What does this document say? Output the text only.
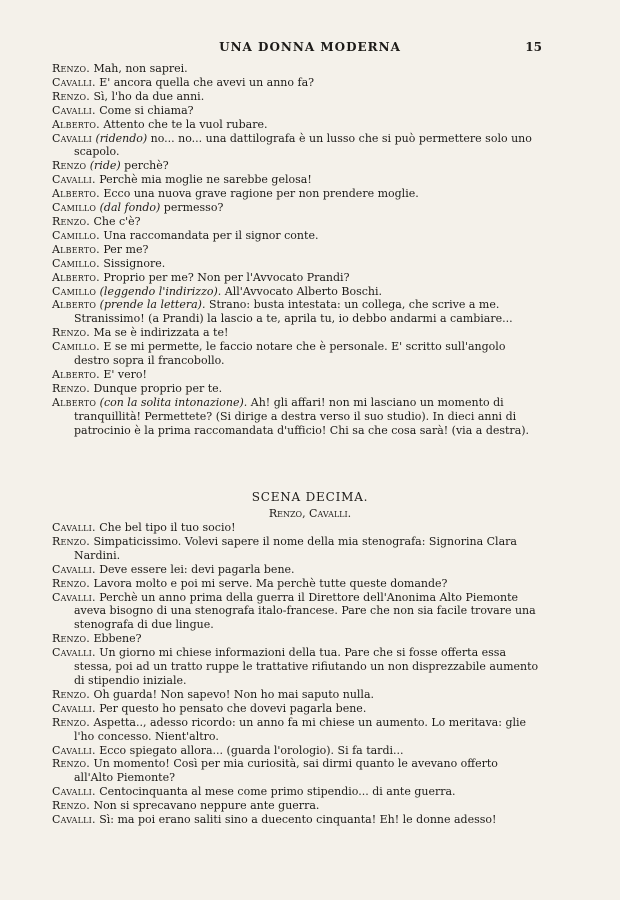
UNA DONNA MODERNA	15
Renzo. Mah, non saprei.
Cavalli. E' ancora quella che avevi un anno fa?
Renzo. Sì, l'ho da due anni.
Cavalli. Come si chiama?
Alberto. Attento che te la vuol rubare.
Cavalli (ridendo) no... no... una dattilografa è un lusso che si può permettere solo uno scapolo.
Renzo (ride) perchè?
Cavalli. Perchè mia moglie ne sarebbe gelosa!
Alberto. Ecco una nuova grave ragione per non prendere moglie.
Camillo (dal fondo) permesso?
Renzo. Che c'è?
Camillo. Una raccomandata per il signor conte.
Alberto. Per me?
Camillo. Sissignore.
Alberto. Proprio per me? Non per l'Avvocato Prandi?
Camillo (leggendo l'indirizzo). All'Avvocato Alberto Boschi.
Alberto (prende la lettera). Strano: busta intestata: un collega, che scrive a me. Stranissimo! (a Prandi) la lascio a te, aprila tu, io debbo andarmi a cambiare...
Renzo. Ma se è indirizzata a te!
Camillo. E se mi permette, le faccio notare che è personale. E' scritto sull'angolo destro sopra il francobollo.
Alberto. E' vero!
Renzo. Dunque proprio per te.
Alberto (con la solita intonazione). Ah! gli affari! non mi lasciano un momento di tranquillità! Permettete? (Si dirige a destra verso il suo studio). In dieci anni di patrocinio è la prima raccomandata d'ufficio! Chi sa che cosa sarà! (via a destra).
SCENA DECIMA.
Renzo, Cavalli.
Cavalli. Che bel tipo il tuo socio!
Renzo. Simpaticissimo. Volevi sapere il nome della mia stenografa: Signorina Clara Nardini.
Cavalli. Deve essere lei: devi pagarla bene.
Renzo. Lavora molto e poi mi serve. Ma perchè tutte queste domande?
Cavalli. Perchè un anno prima della guerra il Direttore dell'Anonima Alto Piemonte aveva bisogno di una stenografa italo-francese. Pare che non sia facile trovare una stenografa di due lingue.
Renzo. Ebbene?
Cavalli. Un giorno mi chiese informazioni della tua. Pare che si fosse offerta essa stessa, poi ad un tratto ruppe le trattative rifiutando un non disprezzabile aumento di stipendio iniziale.
Renzo. Oh guarda! Non sapevo! Non ho mai saputo nulla.
Cavalli. Per questo ho pensato che dovevi pagarla bene.
Renzo. Aspetta.., adesso ricordo: un anno fa mi chiese un aumento. Lo meritava: glie l'ho concesso. Nient'altro.
Cavalli. Ecco spiegato allora... (guarda l'orologio). Si fa tardi...
Renzo. Un momento! Così per mia curiosità, sai dirmi quanto le avevano offerto all'Alto Piemonte?
Cavalli. Centocinquanta al mese come primo stipendio... di ante guerra.
Renzo. Non si sprecavano neppure ante guerra.
Cavalli. Sì: ma poi erano saliti sino a duecento cinquanta! Eh! le donne adesso!
